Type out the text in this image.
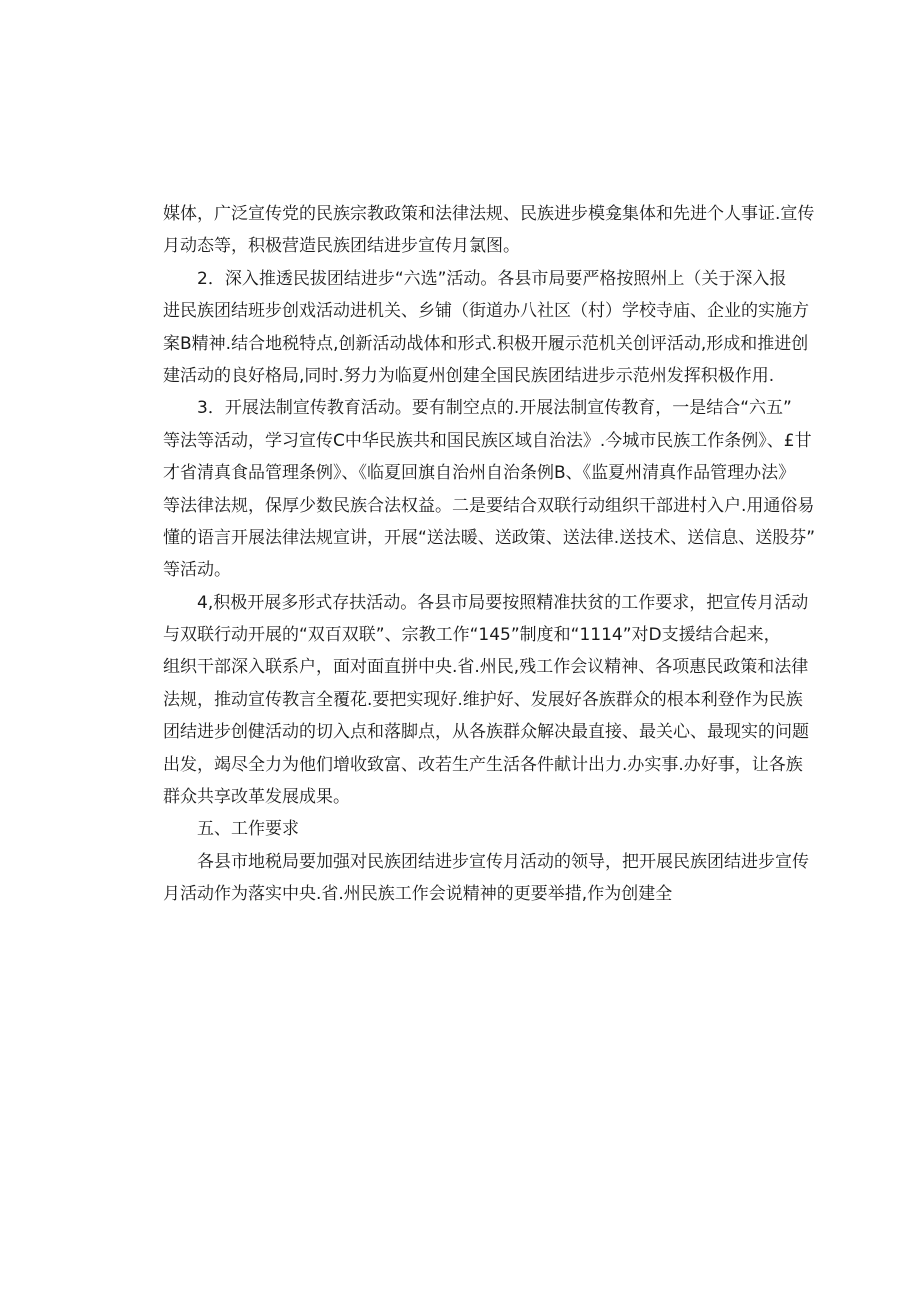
媒体，广泛宣传党的民族宗教政策和法律法规、民族进步模龛集体和先进个人事证.宣传
月动态等，积极营造民族团结进步宣传月氯图。
2．深入推透民拔团结进步“六选”活动。各县市局要严格按照州上（关于深入报
进民族团结班步创戏活动进机关、乡铺（街道办八社区（村）学校寺庙、企业的实施方
案B精神.结合地税特点,创新活动战体和形式.积极开履示范机关创评活动,形成和推进创
建活动的良好格局,同时.努力为临夏州创建全国民族团结进步示范州发挥积极作用.
3．开展法制宣传教育活动。要有制空点的.开展法制宣传教育，一是结合“六五”
等法等活动，学习宣传C中华民族共和国民族区域自治法》.今城市民族工作条例》、£甘
才省清真食品管理条例》、《临夏回旗自治州自治条例B、《监夏州清真作品管理办法》
等法律法规，保厚少数民族合法权益。二是要结合双联行动组织干部进村入户.用通俗易
懂的语言开展法律法规宣讲，开展“送法暖、送政策、送法律.送技术、送信息、送股芬”
等活动。
4,积极开展多形式存扶活动。各县市局要按照精准扶贫的工作要求，把宣传月活动
与双联行动开展的“双百双联”、宗教工作“145”制度和“1114”对D支援结合起来，
组织干部深入联系户，面对面直拼中央.省.州民,残工作会议精神、各项惠民政策和法律
法规，推动宣传教言全覆花.要把实现好.维护好、发展好各族群众的根本利登作为民族
团结进步创健活动的切入点和落脚点，从各族群众解决最直接、最关心、最现实的问题
出发，竭尽全力为他们增收致富、改若生产生活各件献计出力.办实事.办好事，让各族
群众共享改革发展成果。
五、工作要求
各县市地税局要加强对民族团结进步宣传月活动的领导，把开展民族团结进步宣传
月活动作为落实中央.省.州民族工作会说精神的更要举措,作为创建全
